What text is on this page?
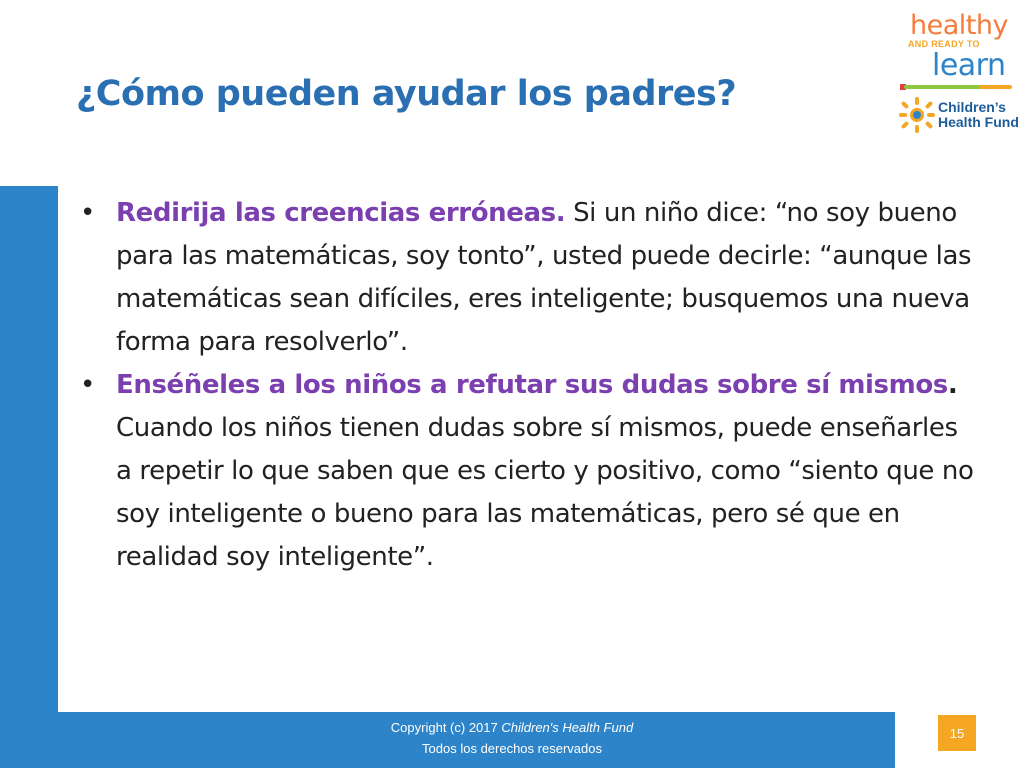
¿Cómo pueden ayudar los padres?
healthy
AND READY TO
learn
Children’s
Health Fund
• Redirija las creencias erróneas. Si un niño dice: “no soy bueno para las matemáticas, soy tonto”, usted puede decirle: “aunque las matemáticas sean difíciles, eres inteligente; busquemos una nueva forma para resolverlo”.
• Enséñeles a los niños a refutar sus dudas sobre sí mismos. Cuando los niños tienen dudas sobre sí mismos, puede enseñarles a repetir lo que saben que es cierto y positivo, como “siento que no soy inteligente o bueno para las matemáticas, pero sé que en realidad soy inteligente”.
Copyright (c) 2017 Children's Health Fund
Todos los derechos reservados
15
